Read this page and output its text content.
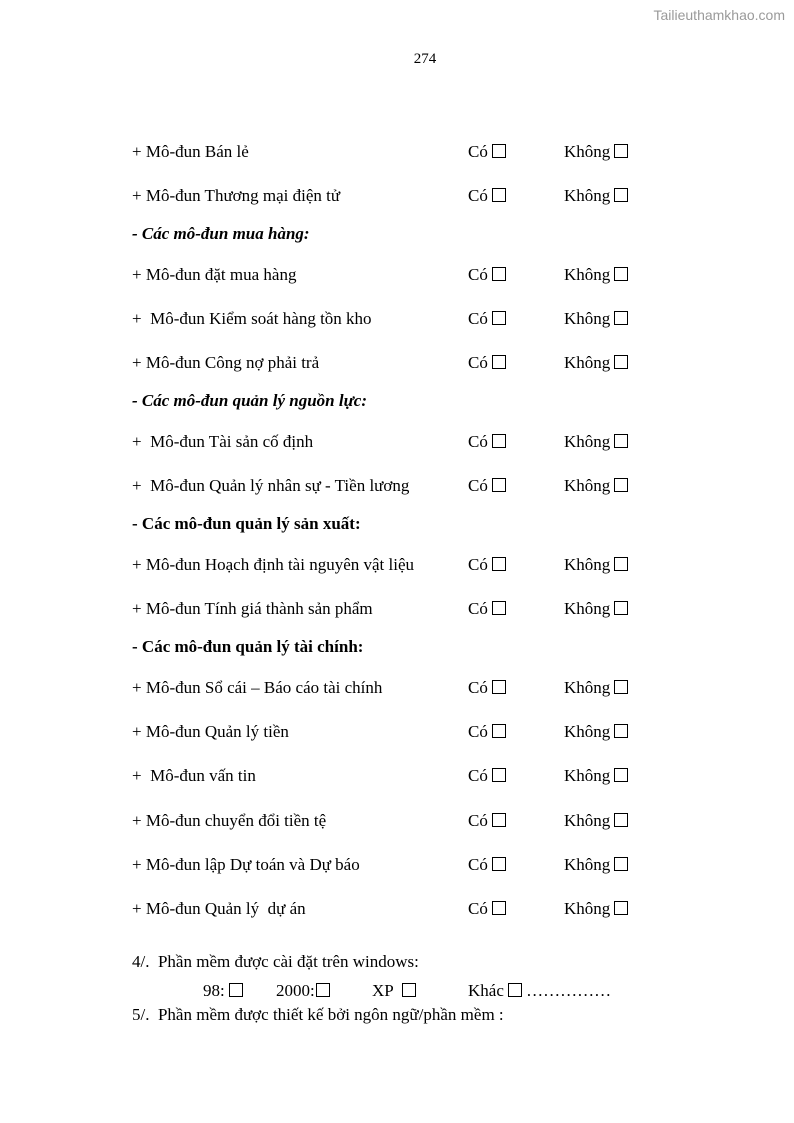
Tailieuthamkhao.com
274
+ Mô-đun Bán lẻ	Có	Không
+ Mô-đun Thương mại điện tử	Có	Không
- Các mô-đun mua hàng:
+ Mô-đun đặt mua hàng	Có	Không
+  Mô-đun Kiểm soát hàng tồn kho	Có	Không
+ Mô-đun Công nợ phải trả	Có	Không
- Các mô-đun quản lý nguồn lực:
+  Mô-đun Tài sản cố định	Có	Không
+  Mô-đun Quản lý nhân sự - Tiền lương	Có	Không
- Các mô-đun quản lý sản xuất:
+ Mô-đun Hoạch định tài nguyên vật liệu	Có	Không
+ Mô-đun Tính giá thành sản phẩm	Có	Không
- Các mô-đun quản lý tài chính:
+ Mô-đun Sổ cái – Báo cáo tài chính	Có	Không
+ Mô-đun Quản lý tiền	Có	Không
+  Mô-đun vấn tin	Có	Không
+ Mô-đun chuyển đổi tiền tệ	Có	Không
+ Mô-đun lập Dự toán và Dự báo	Có	Không
+ Mô-đun Quản lý  dự án	Có	Không
4/.  Phần mềm được cài đặt trên windows:
98:	2000:	XP	Khác ……………
5/.  Phần mềm được thiết kế bởi ngôn ngữ/phần mềm :
